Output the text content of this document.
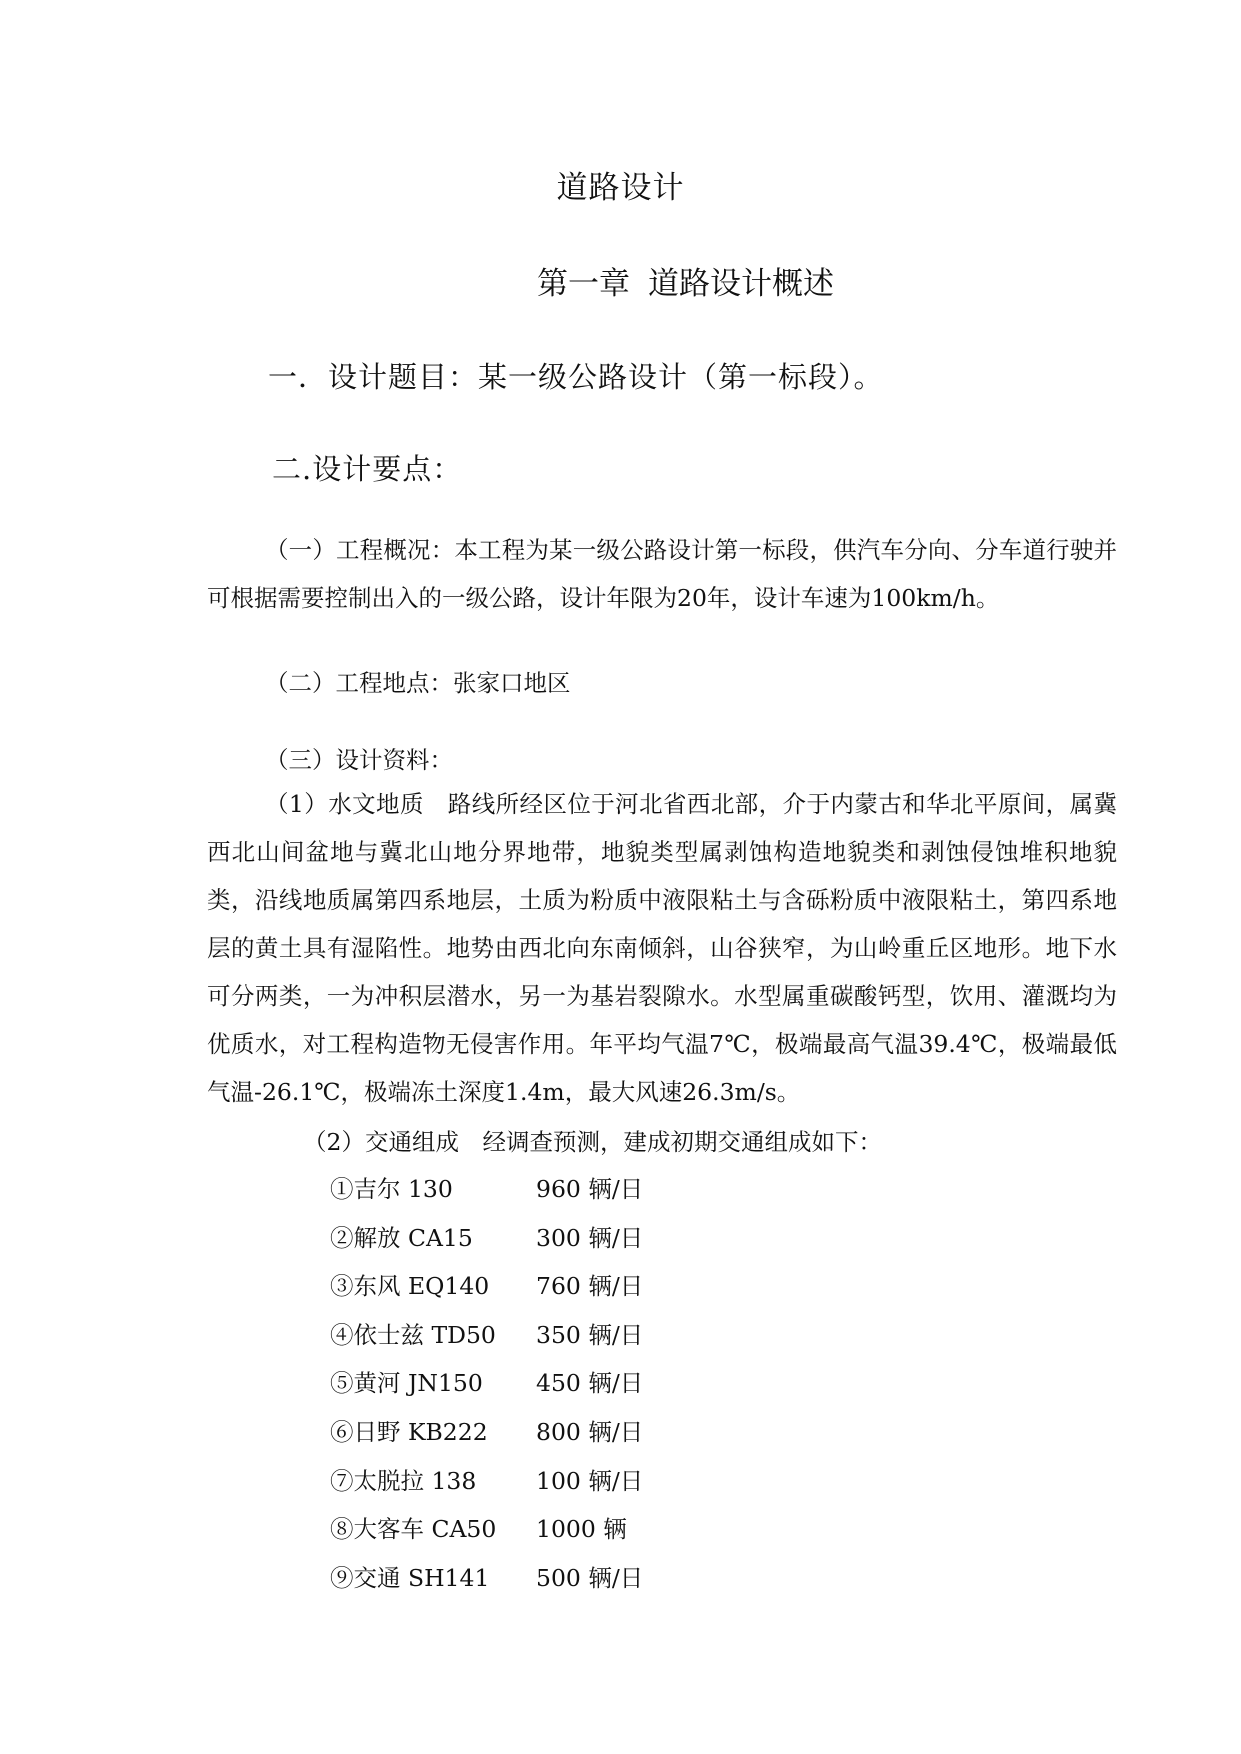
道路设计
第一章 道路设计概述
一．设计题目：某一级公路设计（第一标段）。
二.设计要点：

（一）工程概况：本工程为某一级公路设计第一标段，供汽车分向、分车道行驶并可根据需要控制出入的一级公路，设计年限为20年，设计车速为100km/h。

（二）工程地点：张家口地区
（三）设计资料：

（1）水文地质　路线所经区位于河北省西北部，介于内蒙古和华北平原间，属冀西北山间盆地与冀北山地分界地带，地貌类型属剥蚀构造地貌类和剥蚀侵蚀堆积地貌类，沿线地质属第四系地层，土质为粉质中液限粘土与含砾粉质中液限粘土，第四系地层的黄土具有湿陷性。地势由西北向东南倾斜，山谷狭窄，为山岭重丘区地形。地下水可分两类，一为冲积层潜水，另一为基岩裂隙水。水型属重碳酸钙型，饮用、灌溉均为优质水，对工程构造物无侵害作用。年平均气温7℃，极端最高气温39.4℃，极端最低气温-26.1℃，极端冻土深度1.4m，最大风速26.3m/s。

（2）交通组成　经调查预测，建成初期交通组成如下：
①吉尔 130	960 辆/日
②解放 CA15	300 辆/日
③东风 EQ140	760 辆/日
④依士兹 TD50	350 辆/日
⑤黄河 JN150	450 辆/日
⑥日野 KB222	800 辆/日
⑦太脱拉 138	100 辆/日
⑧大客车 CA50	1000 辆
⑨交通 SH141	500 辆/日
